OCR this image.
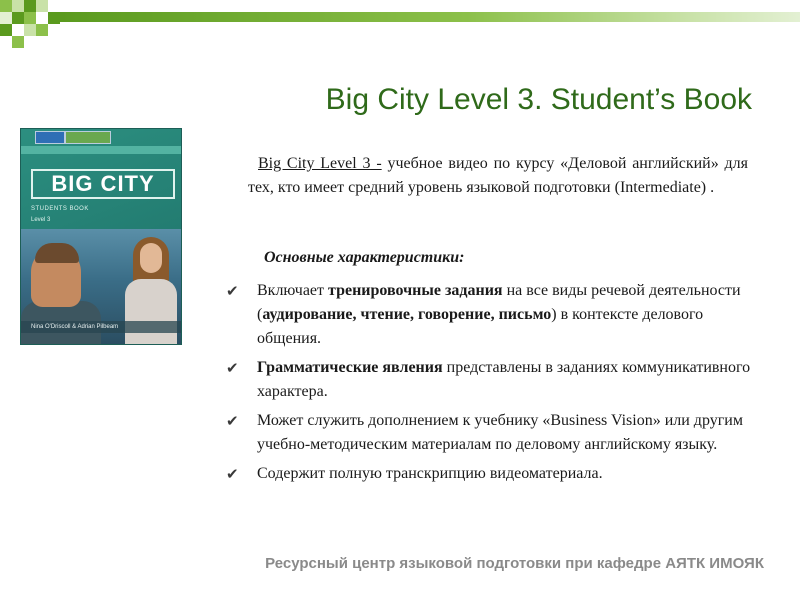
Big City Level 3. Student’s Book
BIG CITY
STUDENTS BOOK
Level 3
Nina O'Driscoll & Adrian Pilbeam

Big City Level 3 - учебное видео по курсу «Деловой английский» для тех, кто имеет средний уровень языковой подготовки (Intermediate) .

Основные характеристики:

✔ Включает тренировочные задания на все виды речевой деятельности (аудирование, чтение, говорение, письмо) в контексте делового общения.
✔ Грамматические явления представлены в заданиях коммуникативного характера.
✔ Может служить дополнением к учебнику «Business Vision» или другим учебно-методическим материалам по деловому английскому языку.
✔ Содержит полную транскрипцию видеоматериала.

Ресурсный центр языковой подготовки при кафедре АЯТК ИМОЯК
